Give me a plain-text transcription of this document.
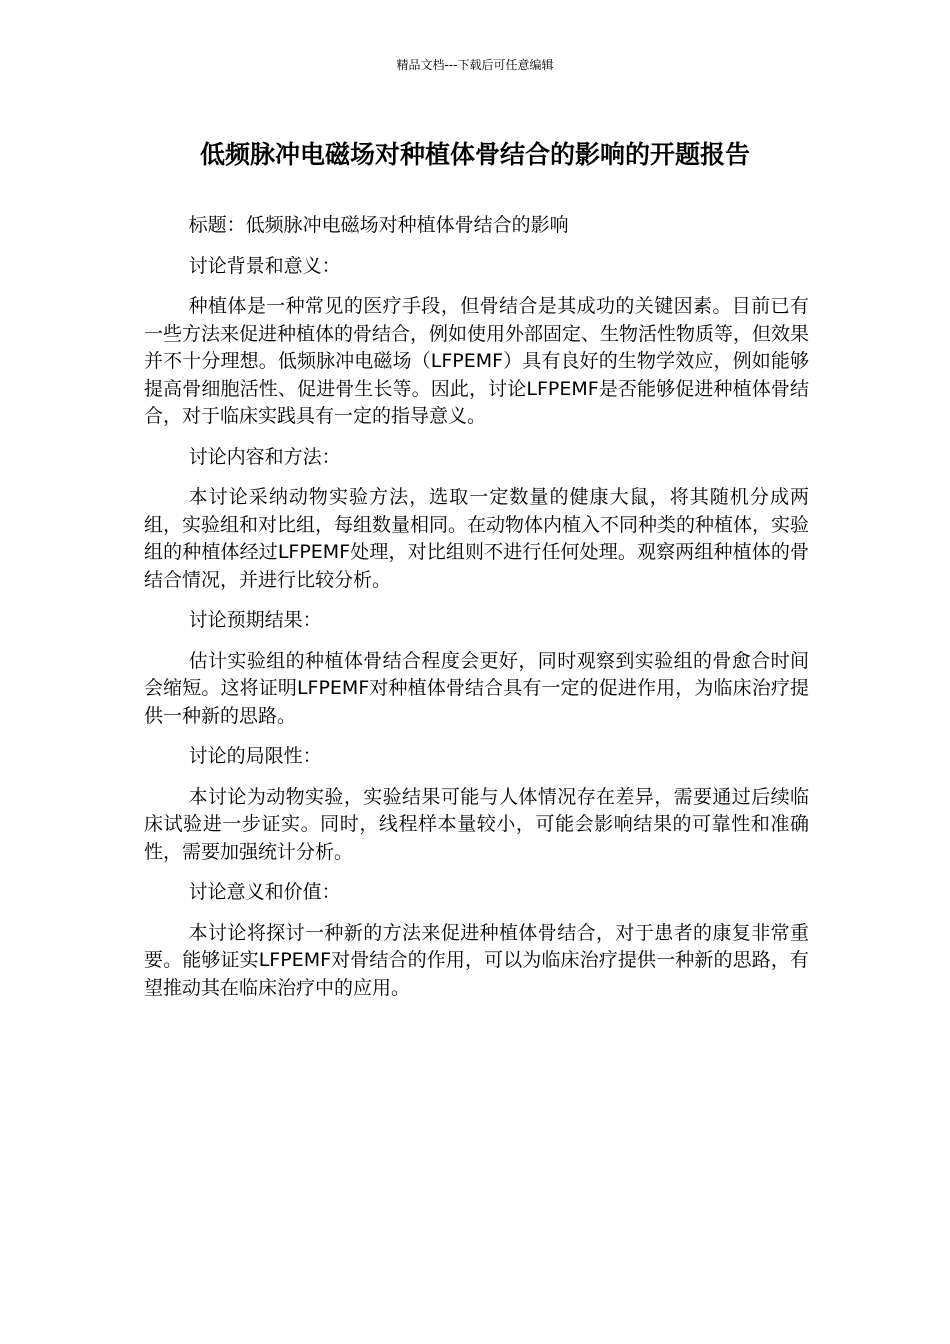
精品文档---下载后可任意编辑
低频脉冲电磁场对种植体骨结合的影响的开题报告

标题：低频脉冲电磁场对种植体骨结合的影响

讨论背景和意义：

种植体是一种常见的医疗手段，但骨结合是其成功的关键因素。目前已有一些方法来促进种植体的骨结合，例如使用外部固定、生物活性物质等，但效果并不十分理想。低频脉冲电磁场（LFPEMF）具有良好的生物学效应，例如能够提高骨细胞活性、促进骨生长等。因此，讨论LFPEMF是否能够促进种植体骨结合，对于临床实践具有一定的指导意义。

讨论内容和方法：

本讨论采纳动物实验方法，选取一定数量的健康大鼠，将其随机分成两组，实验组和对比组，每组数量相同。在动物体内植入不同种类的种植体，实验组的种植体经过LFPEMF处理，对比组则不进行任何处理。观察两组种植体的骨结合情况，并进行比较分析。

讨论预期结果：

估计实验组的种植体骨结合程度会更好，同时观察到实验组的骨愈合时间会缩短。这将证明LFPEMF对种植体骨结合具有一定的促进作用，为临床治疗提供一种新的思路。

讨论的局限性：

本讨论为动物实验，实验结果可能与人体情况存在差异，需要通过后续临床试验进一步证实。同时，线程样本量较小，可能会影响结果的可靠性和准确性，需要加强统计分析。

讨论意义和价值：

本讨论将探讨一种新的方法来促进种植体骨结合，对于患者的康复非常重要。能够证实LFPEMF对骨结合的作用，可以为临床治疗提供一种新的思路，有望推动其在临床治疗中的应用。
